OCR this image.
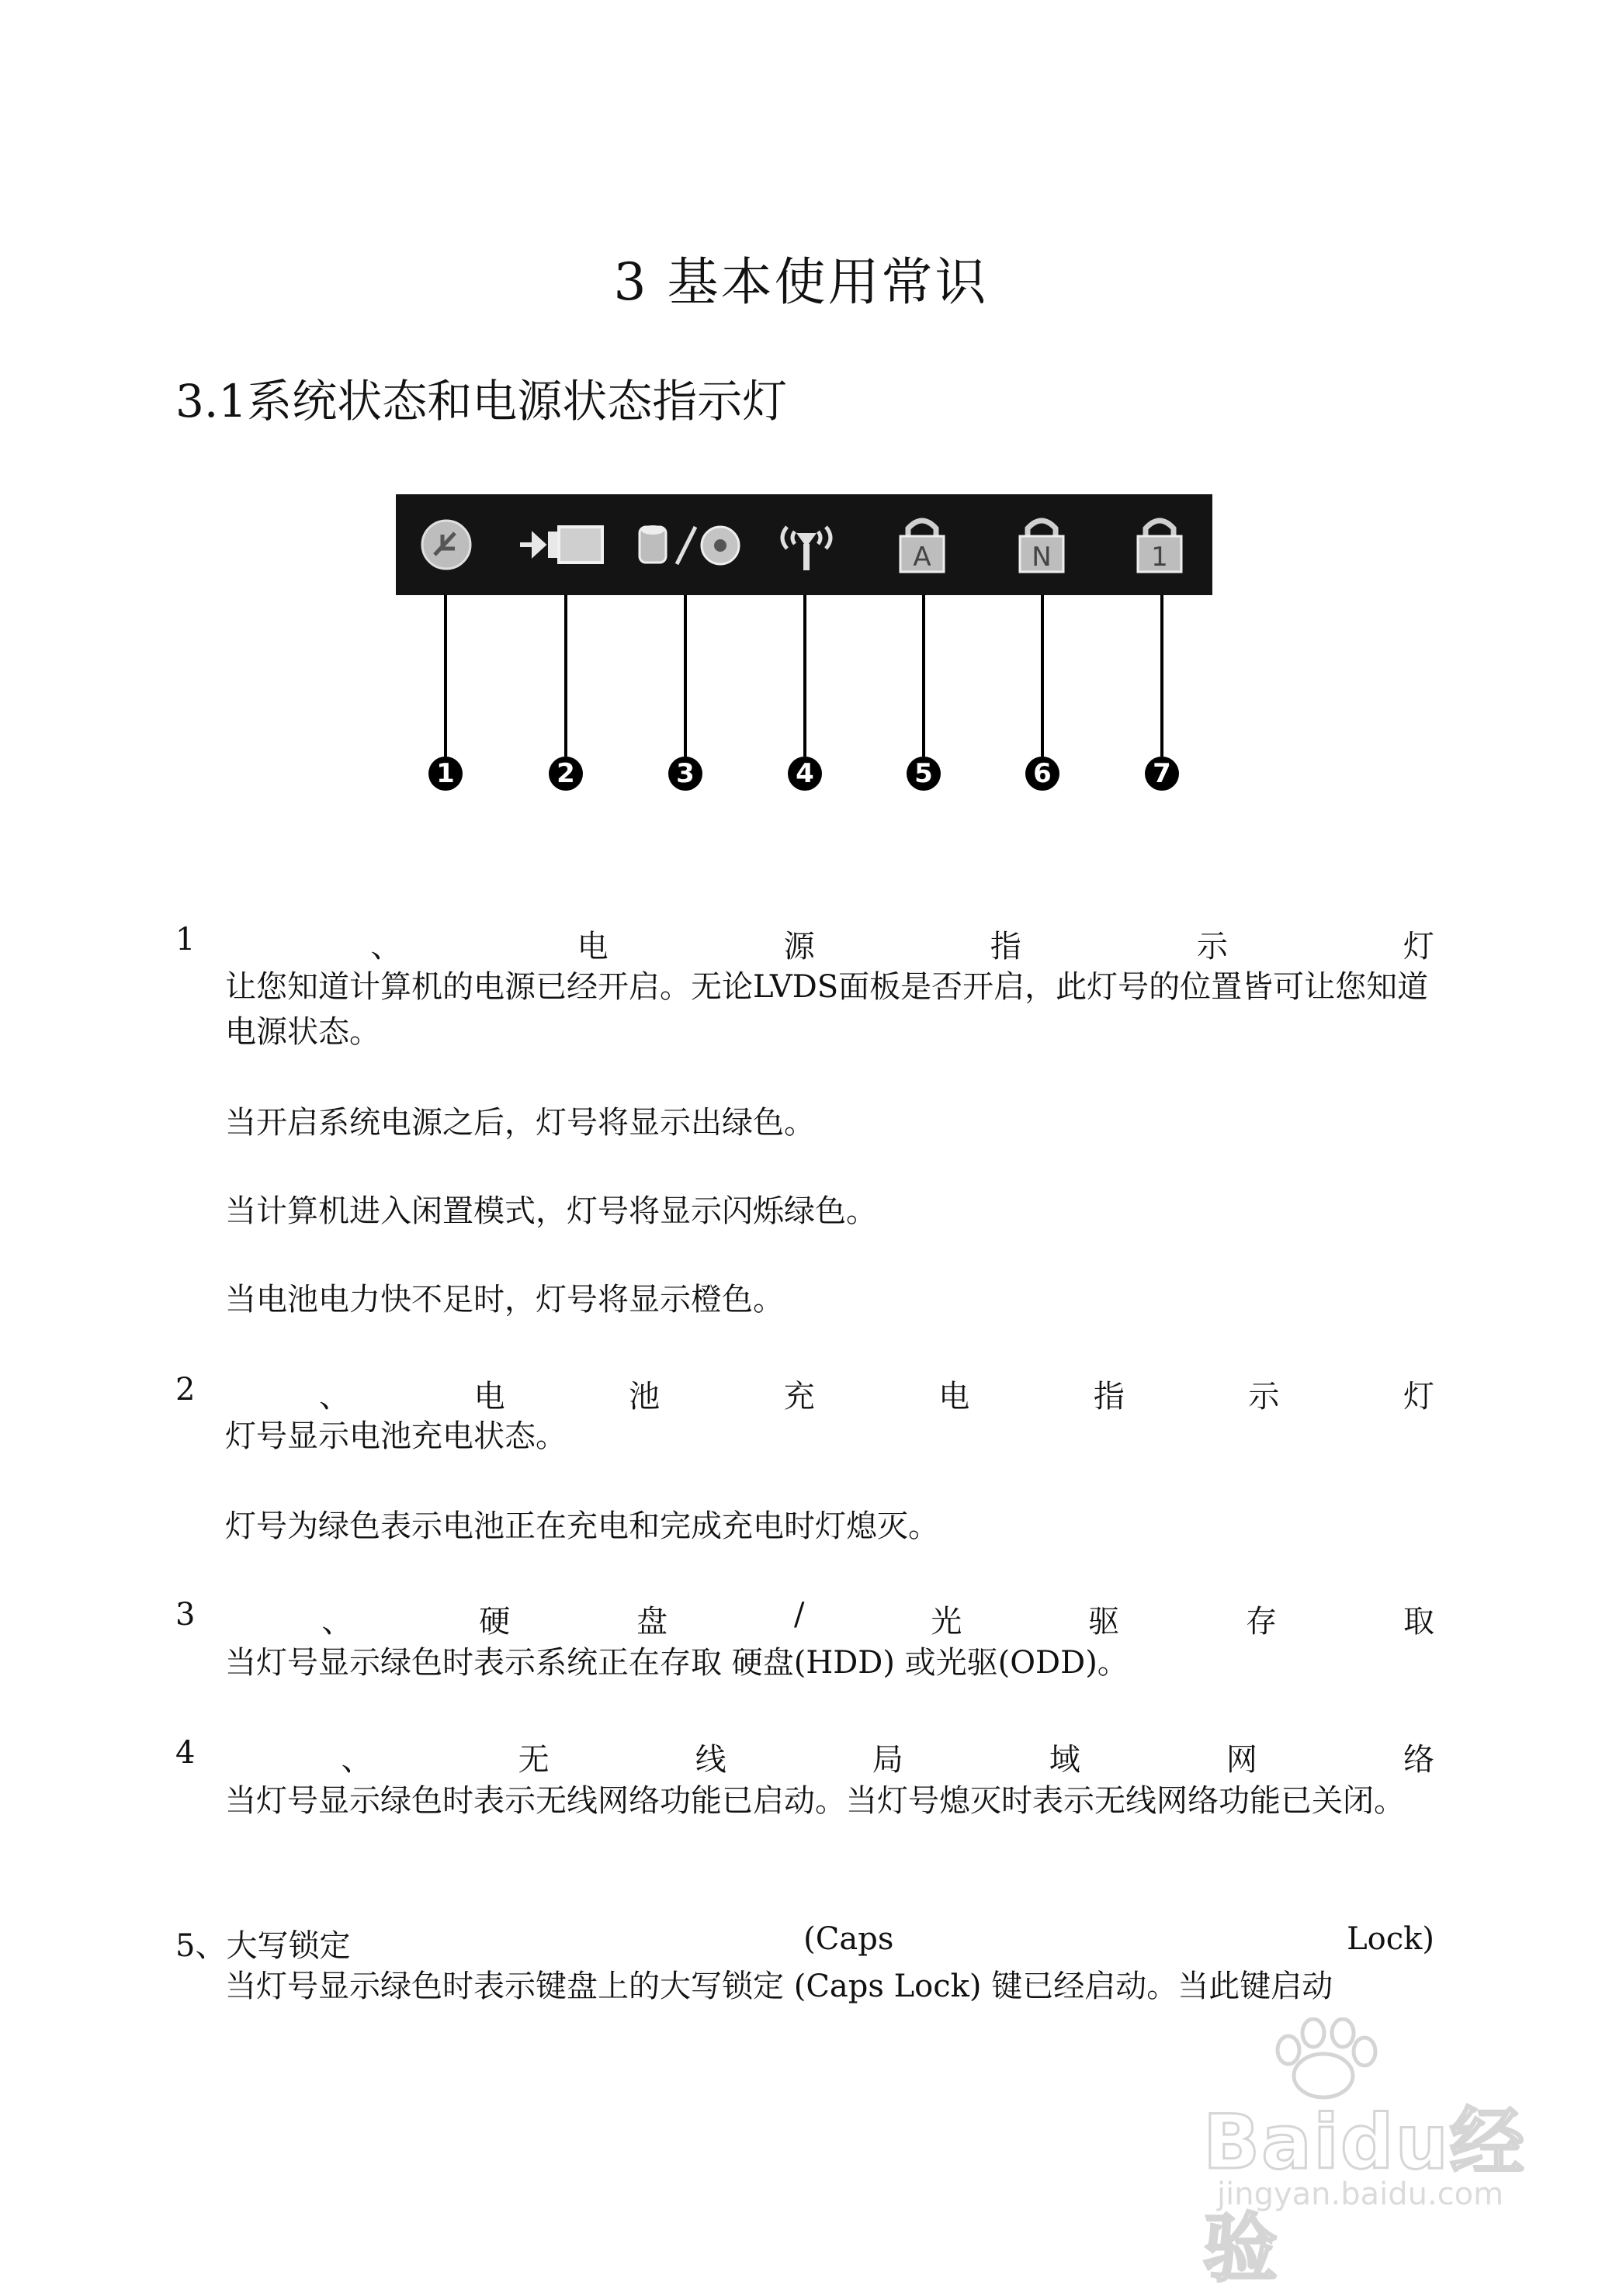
3 基本使用常识
3.1系统状态和电源状态指示灯
A	N	1
1	2	3	4	5	6	7
1	、	电	源	指	示	灯

让您知道计算机的电源已经开启。无论LVDS面板是否开启，此灯号的位置皆可让您知道电源状态。

当开启系统电源之后，灯号将显示出绿色。

当计算机进入闲置模式，灯号将显示闪烁绿色。

当电池电力快不足时，灯号将显示橙色。

2	、	电	池	充	电	指	示	灯

灯号显示电池充电状态。

灯号为绿色表示电池正在充电和完成充电时灯熄灭。

3	、	硬	盘	/	光	驱	存	取

当灯号显示绿色时表示系统正在存取 硬盘(HDD) 或光驱(ODD)。

4	、	无	线	局	域	网	络

当灯号显示绿色时表示无线网络功能已启动。当灯号熄灭时表示无线网络功能已关闭。

5、大写锁定	(Caps	Lock)

当灯号显示绿色时表示键盘上的大写锁定 (Caps Lock) 键已经启动。当此键启动

Baidu经验
jingyan.baidu.com
